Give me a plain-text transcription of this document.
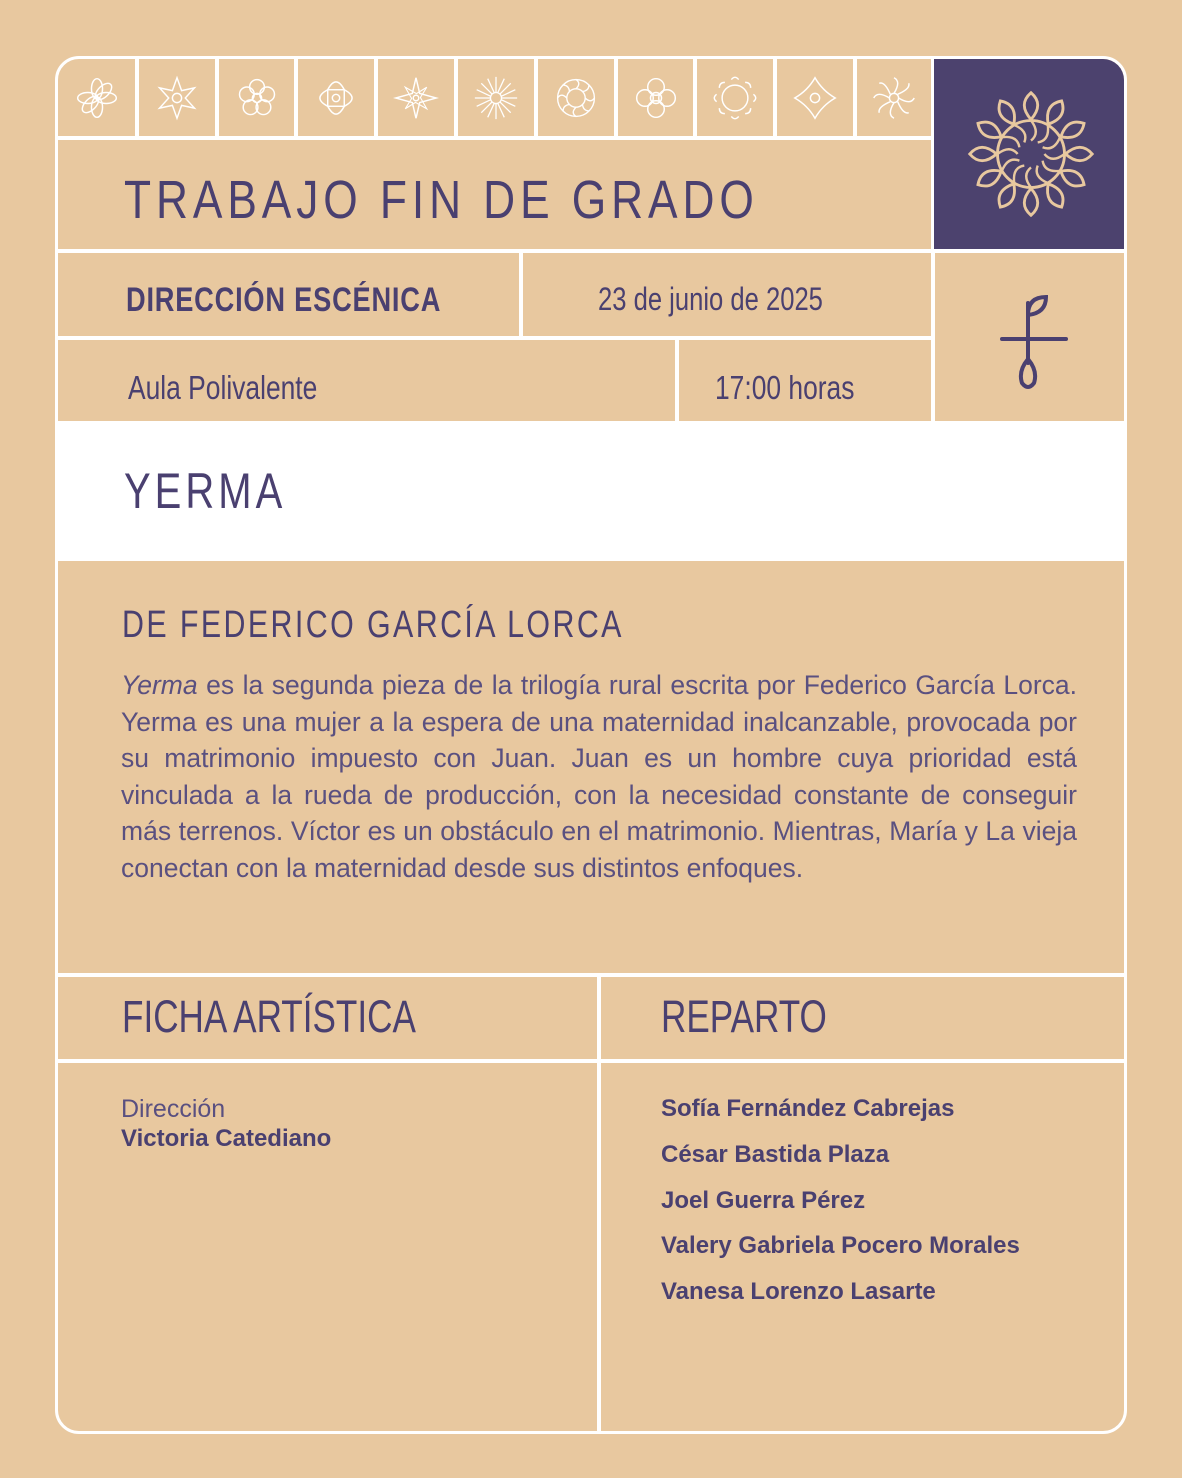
TRABAJO FIN DE GRADO
DIRECCIÓN ESCÉNICA	23 de junio de 2025
Aula Polivalente	17:00 horas
YERMA
DE FEDERICO GARCÍA LORCA
Yerma es la segunda pieza de la trilogía rural escrita por Federico García Lorca. Yerma es una mujer a la espera de una maternidad inalcanzable, provocada por su matrimonio impuesto con Juan. Juan es un hombre cuya prioridad está vinculada a la rueda de producción, con la necesidad constante de conseguir más terrenos. Víctor es un obstáculo en el matrimonio. Mientras, María y La vieja conectan con la maternidad desde sus distintos enfoques.
FICHA ARTÍSTICA	REPARTO
Dirección
Victoria Catediano
Sofía Fernández Cabrejas
César Bastida Plaza
Joel Guerra Pérez
Valery Gabriela Pocero Morales
Vanesa Lorenzo Lasarte
